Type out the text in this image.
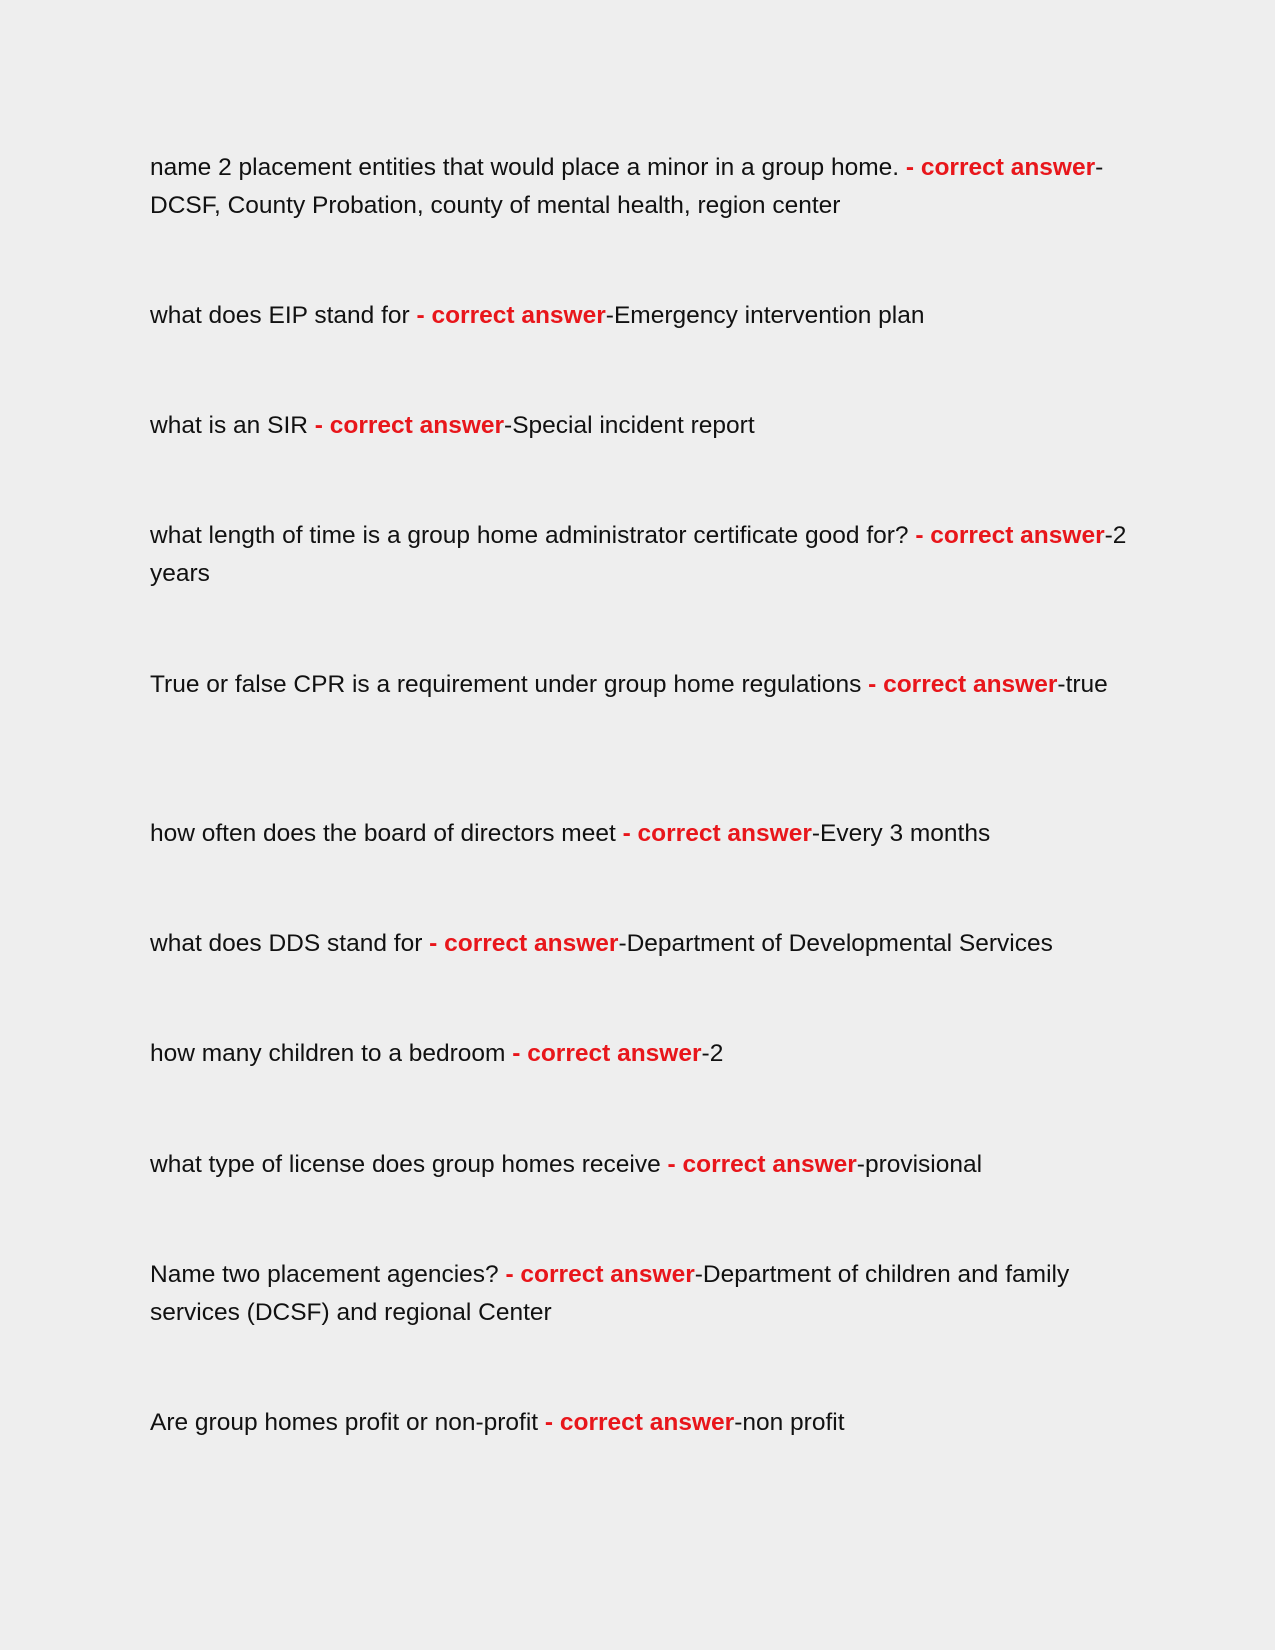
name 2 placement entities that would place a minor in a group home. - correct answer-DCSF, County Probation, county of mental health, region center

what does EIP stand for - correct answer-Emergency intervention plan

what is an SIR - correct answer-Special incident report

what length of time is a group home administrator certificate good for? - correct answer-2 years

True or false CPR is a requirement under group home regulations - correct answer-true

how often does the board of directors meet - correct answer-Every 3 months

what does DDS stand for - correct answer-Department of Developmental Services

how many children to a bedroom - correct answer-2

what type of license does group homes receive - correct answer-provisional

Name two placement agencies? - correct answer-Department of children and family services (DCSF) and regional Center

Are group homes profit or non-profit - correct answer-non profit
